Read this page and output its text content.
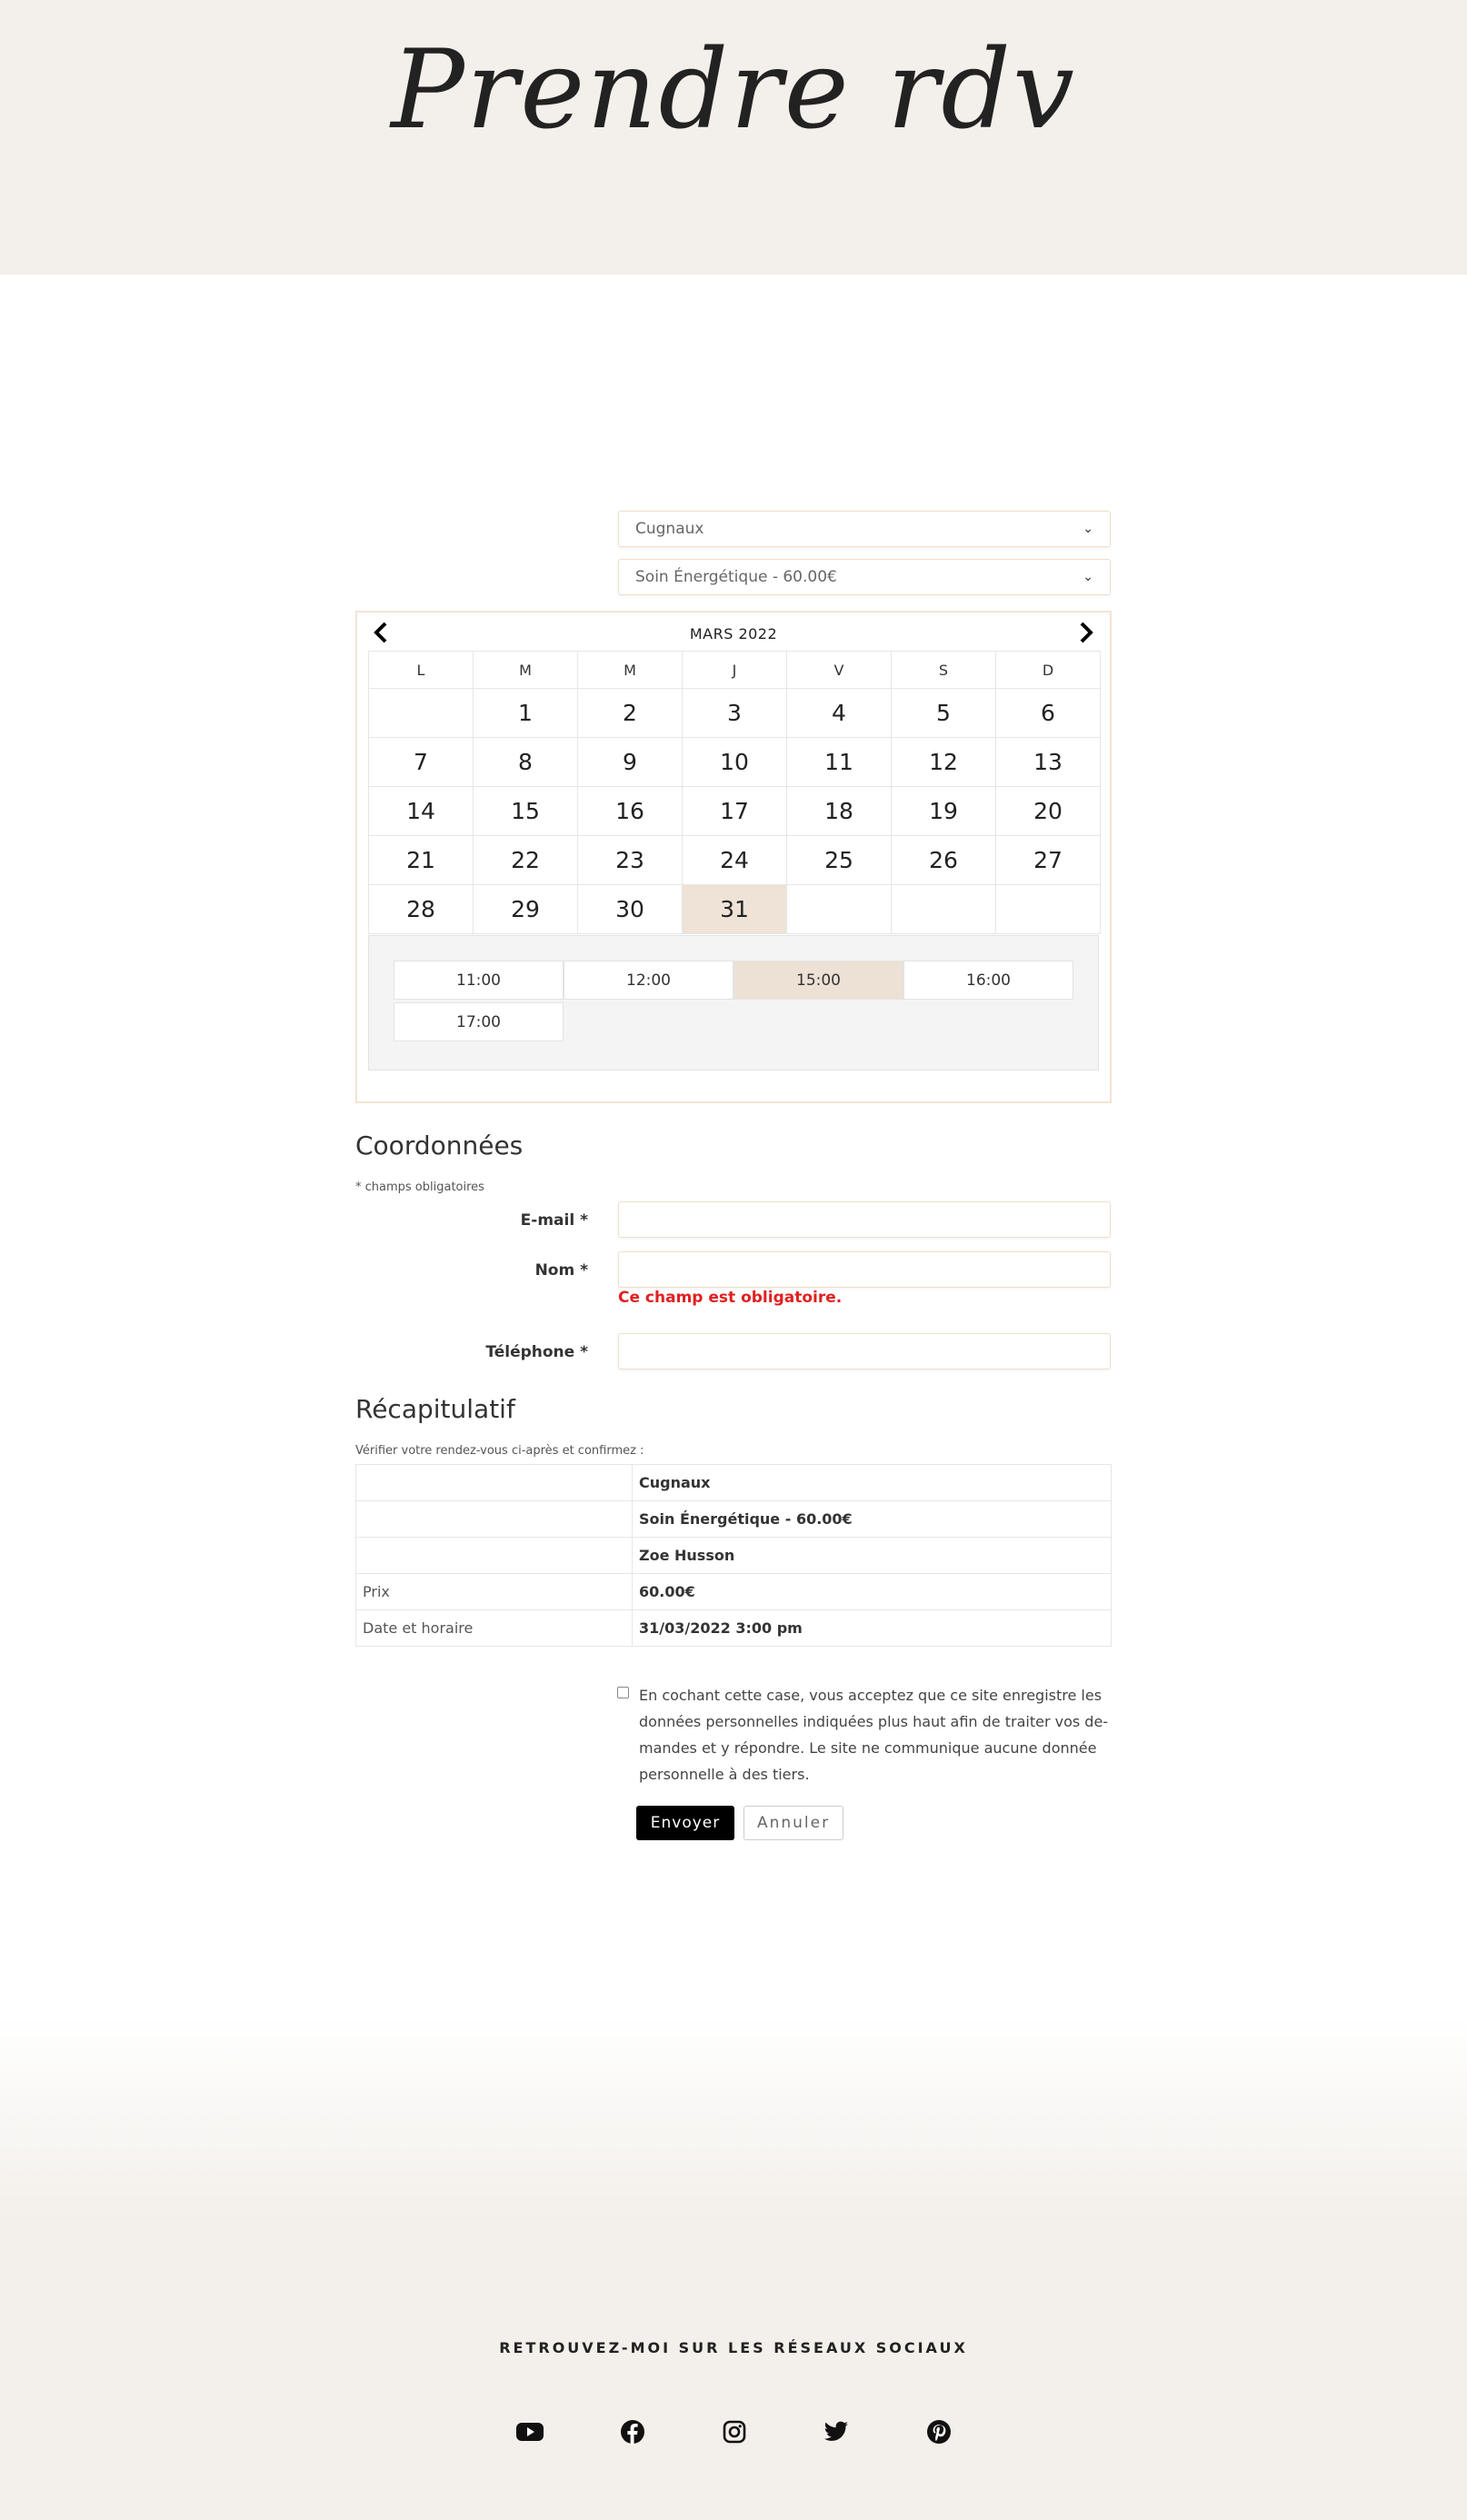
Prendre rdv
Cugnaux	⌄
Soin Énergétique - 60.00€	⌄
MARS 2022
L	M	M	J	V	S	D
	1	2	3	4	5	6
7	8	9	10	11	12	13
14	15	16	17	18	19	20
21	22	23	24	25	26	27
28	29	30	31			
11:00	12:00	15:00	16:00
17:00
Coordonnées
* champs obligatoires
E-mail *
Nom *
Ce champ est obligatoire.
Téléphone *
Récapitulatif
Vérifier votre rendez-vous ci-après et confirmez :
	Cugnaux
	Soin Énergétique - 60.00€
	Zoe Husson
Prix	60.00€
Date et horaire	31/03/2022 3:00 pm
En cochant cette case, vous acceptez que ce site enregistre les données personnelles indiquées plus haut afin de traiter vos de-mandes et y répondre. Le site ne communique aucune donnée personnelle à des tiers.
Envoyer	Annuler
RETROUVEZ-MOI SUR LES RÉSEAUX SOCIAUX
